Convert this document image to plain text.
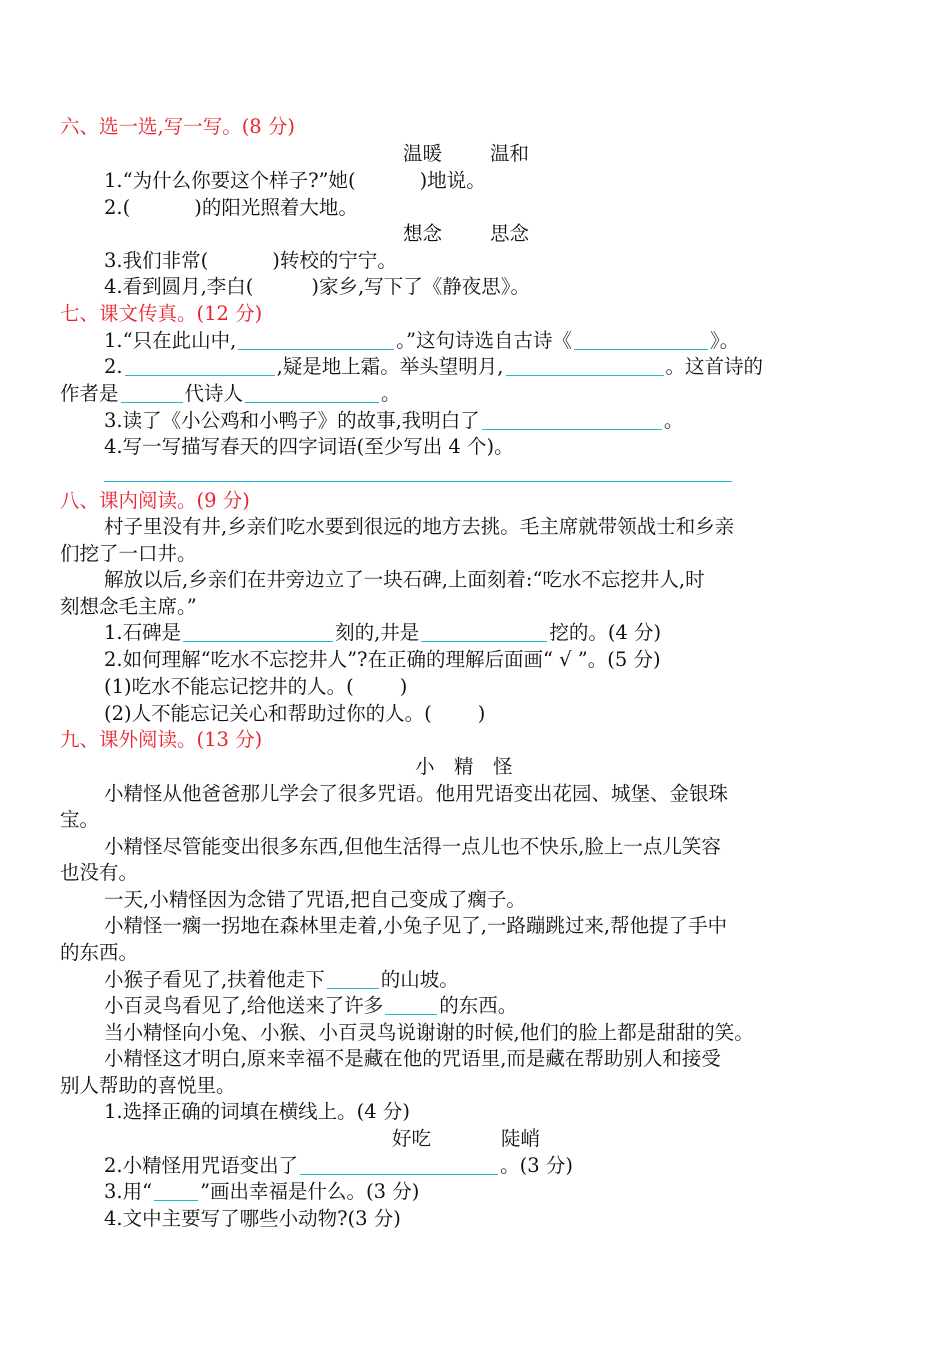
六、选一选,写一写。(8 分)
温暖 温和
1.“为什么你要这个样子?”她(	)地说。
2.(	)的阳光照着大地。
想念 思念
3.我们非常(	)转校的宁宁。
4.看到圆月,李白(	)家乡,写下了《静夜思》。
七、课文传真。(12 分)
1.“只在此山中,	。”这句诗选自古诗《	》。
2.	,疑是地上霜。举头望明月,	。这首诗的
作者是	代诗人	。
3.读了《小公鸡和小鸭子》的故事,我明白了	。
4.写一写描写春天的四字词语(至少写出 4 个)。
八、课内阅读。(9 分)
村子里没有井,乡亲们吃水要到很远的地方去挑。毛主席就带领战士和乡亲
们挖了一口井。
解放以后,乡亲们在井旁边立了一块石碑,上面刻着:“吃水不忘挖井人,时
刻想念毛主席。”
1.石碑是	刻的,井是	挖的。(4 分)
2.如何理解“吃水不忘挖井人”?在正确的理解后面画“ √ ”。(5 分)
(1)吃水不能忘记挖井的人。( )
(2)人不能忘记关心和帮助过你的人。( )
九、课外阅读。(13 分)
小　精　怪
小精怪从他爸爸那儿学会了很多咒语。他用咒语变出花园、城堡、金银珠
宝。
小精怪尽管能变出很多东西,但他生活得一点儿也不快乐,脸上一点儿笑容
也没有。
一天,小精怪因为念错了咒语,把自己变成了瘸子。
小精怪一瘸一拐地在森林里走着,小兔子见了,一路蹦跳过来,帮他提了手中
的东西。
小猴子看见了,扶着他走下	的山坡。
小百灵鸟看见了,给他送来了许多	的东西。
当小精怪向小兔、小猴、小百灵鸟说谢谢的时候,他们的脸上都是甜甜的笑。
小精怪这才明白,原来幸福不是藏在他的咒语里,而是藏在帮助别人和接受
别人帮助的喜悦里。
1.选择正确的词填在横线上。(4 分)
好吃	陡峭
2.小精怪用咒语变出了	。(3 分)
3.用“ ”画出幸福是什么。(3 分)
4.文中主要写了哪些小动物?(3 分)
